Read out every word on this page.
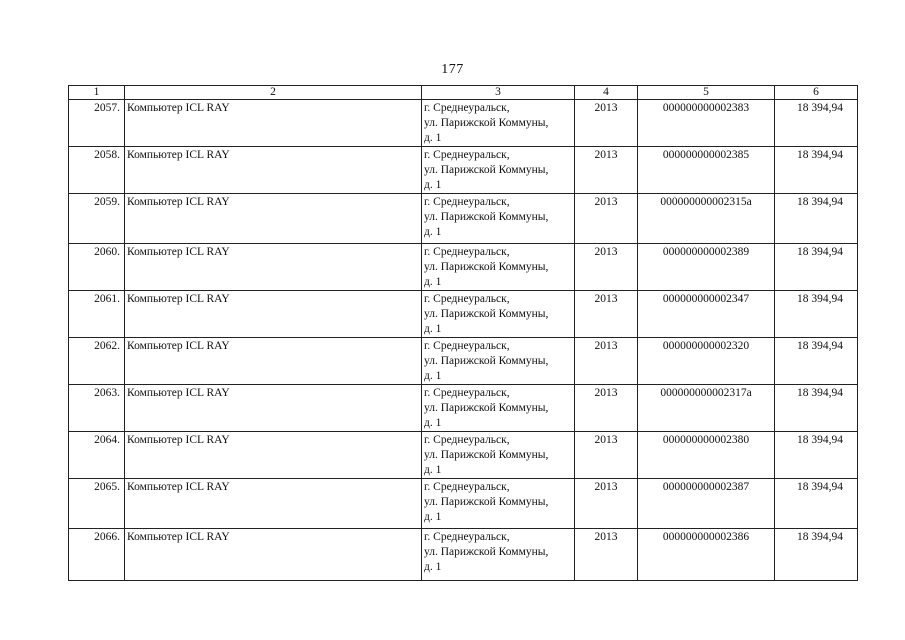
177
1	2	3	4	5	6

2057.	Компьютер ICL RAY	г. Среднеуральск,
ул. Парижской Коммуны,
д. 1	2013	000000000002383	18 394,94

2058.	Компьютер ICL RAY	г. Среднеуральск,
ул. Парижской Коммуны,
д. 1	2013	000000000002385	18 394,94

2059.	Компьютер ICL RAY	г. Среднеуральск,
ул. Парижской Коммуны,
д. 1	2013	000000000002315а	18 394,94

2060.	Компьютер ICL RAY	г. Среднеуральск,
ул. Парижской Коммуны,
д. 1	2013	000000000002389	18 394,94

2061.	Компьютер ICL RAY	г. Среднеуральск,
ул. Парижской Коммуны,
д. 1	2013	000000000002347	18 394,94

2062.	Компьютер ICL RAY	г. Среднеуральск,
ул. Парижской Коммуны,
д. 1	2013	000000000002320	18 394,94

2063.	Компьютер ICL RAY	г. Среднеуральск,
ул. Парижской Коммуны,
д. 1	2013	000000000002317а	18 394,94

2064.	Компьютер ICL RAY	г. Среднеуральск,
ул. Парижской Коммуны,
д. 1	2013	000000000002380	18 394,94

2065.	Компьютер ICL RAY	г. Среднеуральск,
ул. Парижской Коммуны,
д. 1	2013	000000000002387	18 394,94

2066.	Компьютер ICL RAY	г. Среднеуральск,
ул. Парижской Коммуны,
д. 1	2013	000000000002386	18 394,94
